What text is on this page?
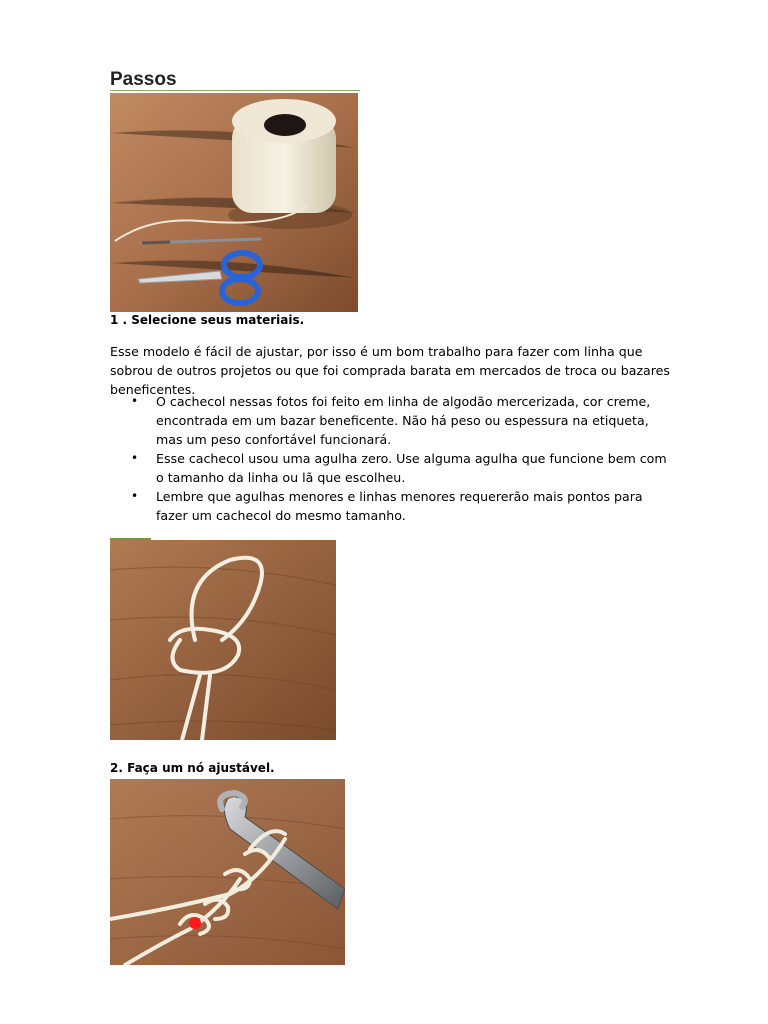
Passos

1 . Selecione seus materiais.

Esse modelo é fácil de ajustar, por isso é um bom trabalho para fazer com linha que sobrou de outros projetos ou que foi comprada barata em mercados de troca ou bazares beneficentes.

• O cachecol nessas fotos foi feito em linha de algodão mercerizada, cor creme, encontrada em um bazar beneficente. Não há peso ou espessura na etiqueta, mas um peso confortável funcionará.
• Esse cachecol usou uma agulha zero. Use alguma agulha que funcione bem com o tamanho da linha ou lã que escolheu.
• Lembre que agulhas menores e linhas menores requererão mais pontos para fazer um cachecol do mesmo tamanho.

2. Faça um nó ajustável.
